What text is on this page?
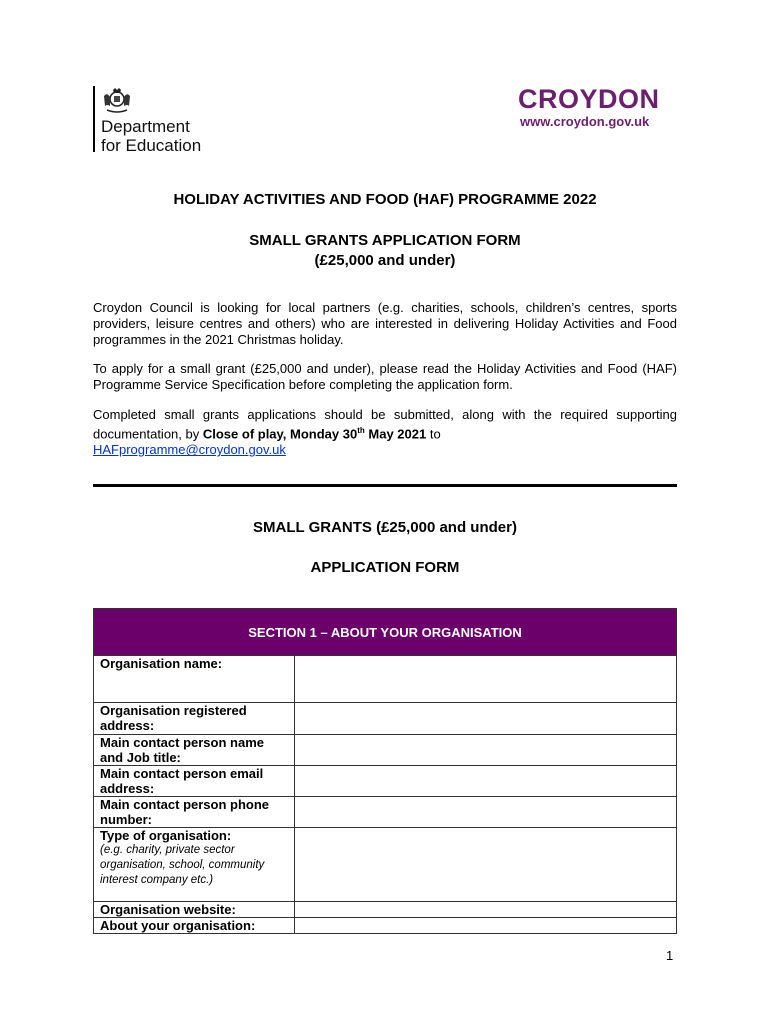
Department
for Education
CROYDON
www.croydon.gov.uk
HOLIDAY ACTIVITIES AND FOOD (HAF) PROGRAMME 2022
SMALL GRANTS APPLICATION FORM
(£25,000 and under)
Croydon Council is looking for local partners (e.g. charities, schools, children’s centres, sports providers, leisure centres and others) who are interested in delivering Holiday Activities and Food programmes in the 2021 Christmas holiday.
To apply for a small grant (£25,000 and under), please read the Holiday Activities and Food (HAF) Programme Service Specification before completing the application form.
Completed small grants applications should be submitted, along with the required supporting documentation, by Close of play, Monday 30th May 2021 to
HAFprogramme@croydon.gov.uk
SMALL GRANTS (£25,000 and under)
APPLICATION FORM
SECTION 1 – ABOUT YOUR ORGANISATION	
Organisation name:	
Organisation registered address:	
Main contact person name and Job title:	
Main contact person email address:	
Main contact person phone number:	
Type of organisation:
(e.g. charity, private sector organisation, school, community interest company etc.)	

Organisation website:	
About your organisation:	
1
